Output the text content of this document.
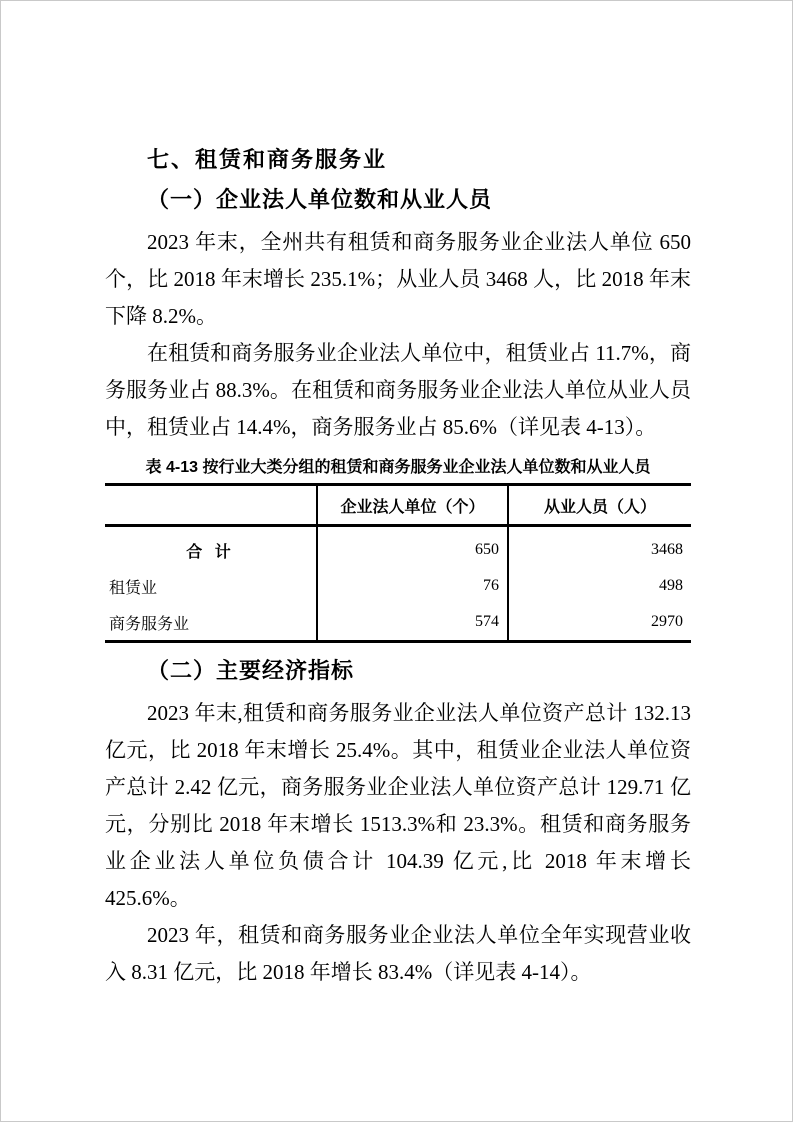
七、租赁和商务服务业
（一）企业法人单位数和从业人员

2023 年末，全州共有租赁和商务服务业企业法人单位 650 个，比 2018 年末增长 235.1%；从业人员 3468 人，比 2018 年末下降 8.2%。

在租赁和商务服务业企业法人单位中，租赁业占 11.7%，商务服务业占 88.3%。在租赁和商务服务业企业法人单位从业人员中，租赁业占 14.4%，商务服务业占 85.6%（详见表 4-13）。

表 4-13 按行业大类分组的租赁和商务服务业企业法人单位数和从业人员
	企业法人单位（个）	从业人员（人）
合 计	650	3468
租赁业	76	498
商务服务业	574	2970
（二）主要经济指标

2023 年末,租赁和商务服务业企业法人单位资产总计 132.13 亿元，比 2018 年末增长 25.4%。其中，租赁业企业法人单位资产总计 2.42 亿元，商务服务业企业法人单位资产总计 129.71 亿元，分别比 2018 年末增长 1513.3%和 23.3%。租赁和商务服务业企业法人单位负债合计 104.39 亿元,比 2018 年末增长 425.6%。

2023 年，租赁和商务服务业企业法人单位全年实现营业收入 8.31 亿元，比 2018 年增长 83.4%（详见表 4-14）。
